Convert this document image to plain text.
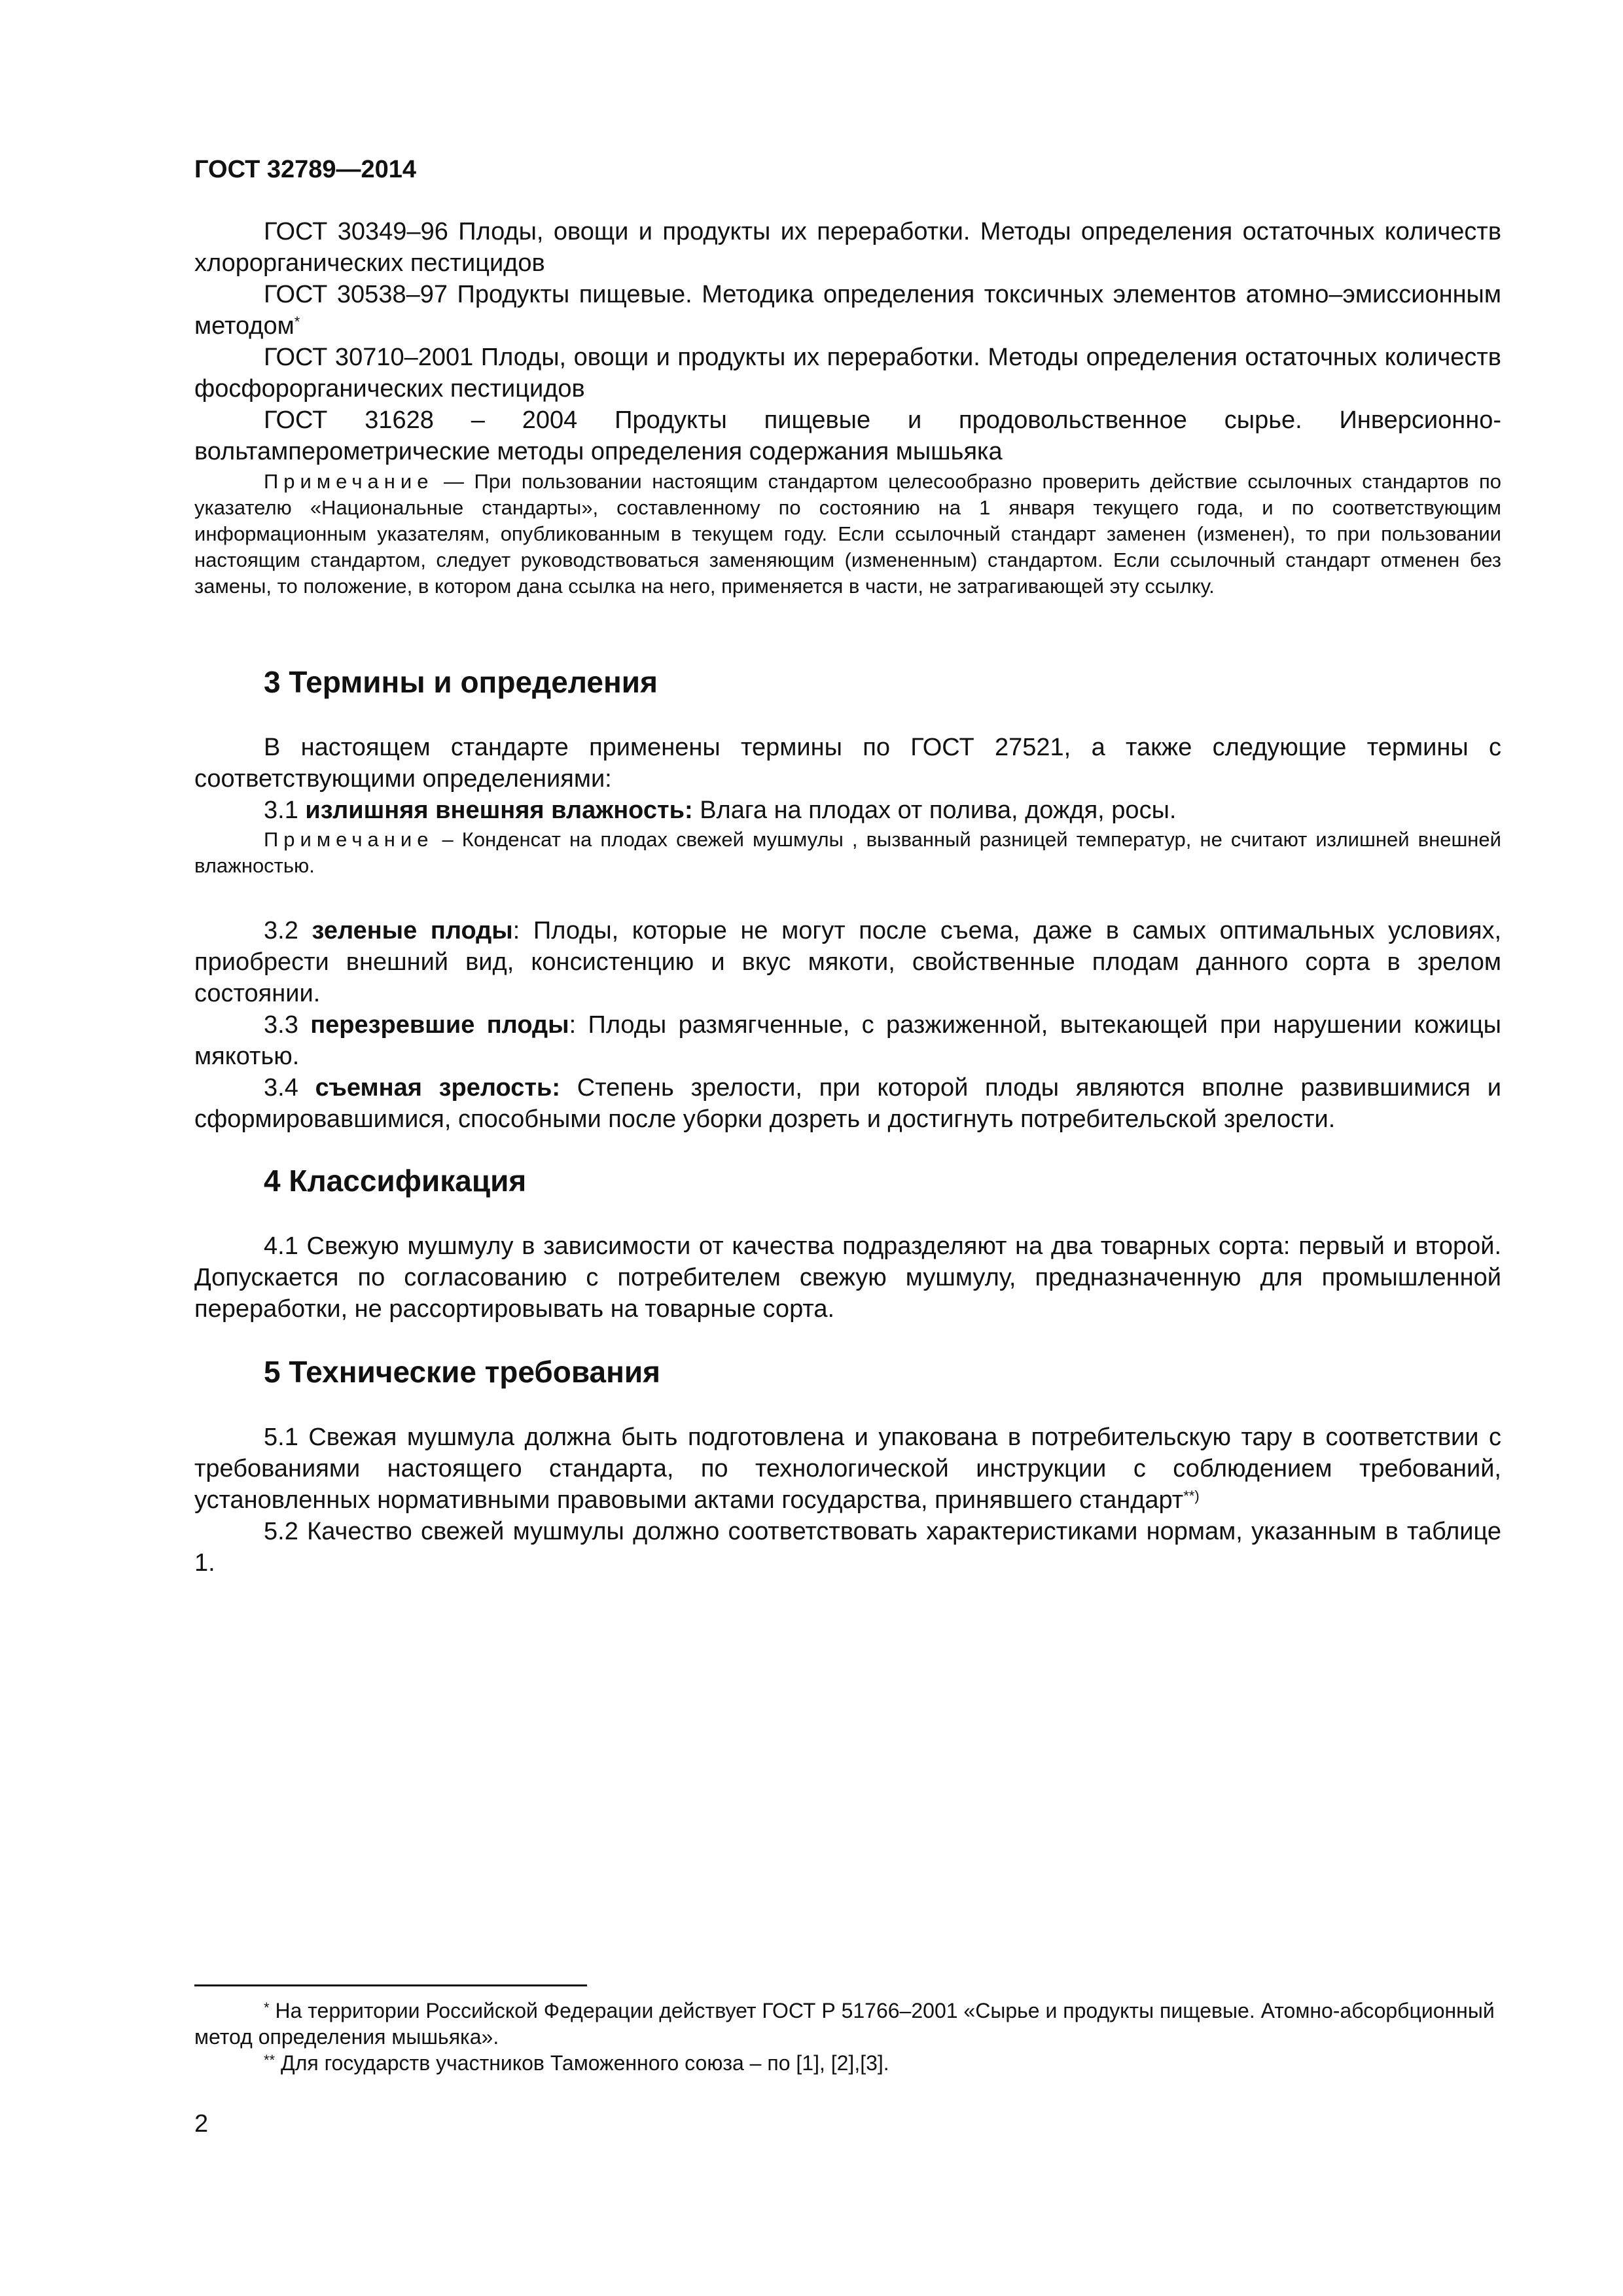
ГОСТ 32789—2014
ГОСТ 30349–96 Плоды, овощи и продукты их переработки. Методы определения остаточных количеств хлорорганических пестицидов
ГОСТ 30538–97 Продукты пищевые. Методика определения токсичных элементов атомно–эмиссионным методом*
ГОСТ 30710–2001 Плоды, овощи и продукты их переработки. Методы определения остаточных количеств фосфорорганических пестицидов
ГОСТ 31628 – 2004 Продукты пищевые и продовольственное сырье. Инверсионно-вольтамперометрические методы определения содержания мышьяка
Примечание — При пользовании настоящим стандартом целесообразно проверить действие ссылочных стандартов по указателю «Национальные стандарты», составленному по состоянию на 1 января текущего года, и по соответствующим информационным указателям, опубликованным в текущем году. Если ссылочный стандарт заменен (изменен), то при пользовании настоящим стандартом, следует руководствоваться заменяющим (измененным) стандартом. Если ссылочный стандарт отменен без замены, то положение, в котором дана ссылка на него, применяется в части, не затрагивающей эту ссылку.
3 Термины и определения
В настоящем стандарте применены термины по ГОСТ 27521, а также следующие термины с соответствующими определениями:
3.1 излишняя внешняя влажность: Влага на плодах от полива, дождя, росы.
Примечание – Конденсат на плодах свежей мушмулы , вызванный разницей температур, не считают излишней внешней влажностью.
3.2 зеленые плоды: Плоды, которые не могут после съема, даже в самых оптимальных условиях, приобрести внешний вид, консистенцию и вкус мякоти, свойственные плодам данного сорта в зрелом состоянии.
3.3 перезревшие плоды: Плоды размягченные, с разжиженной, вытекающей при нарушении кожицы мякотью.
3.4 съемная зрелость: Степень зрелости, при которой плоды являются вполне развившимися и сформировавшимися, способными после уборки дозреть и достигнуть потребительской зрелости.
4 Классификация
4.1 Свежую мушмулу в зависимости от качества подразделяют на два товарных сорта: первый и второй. Допускается по согласованию с потребителем свежую мушмулу, предназначенную для промышленной переработки, не рассортировывать на товарные сорта.
5 Технические требования
5.1 Свежая мушмула должна быть подготовлена и упакована в потребительскую тару в соответствии с требованиями настоящего стандарта, по технологической инструкции с соблюдением требований, установленных нормативными правовыми актами государства, принявшего стандарт**)
5.2 Качество свежей мушмулы должно соответствовать характеристиками нормам, указанным в таблице 1.
* На территории Российской Федерации действует ГОСТ Р 51766–2001 «Сырье и продукты пищевые. Атомно-абсорбционный метод определения мышьяка».
** Для государств участников Таможенного союза – по [1], [2],[3].
2
